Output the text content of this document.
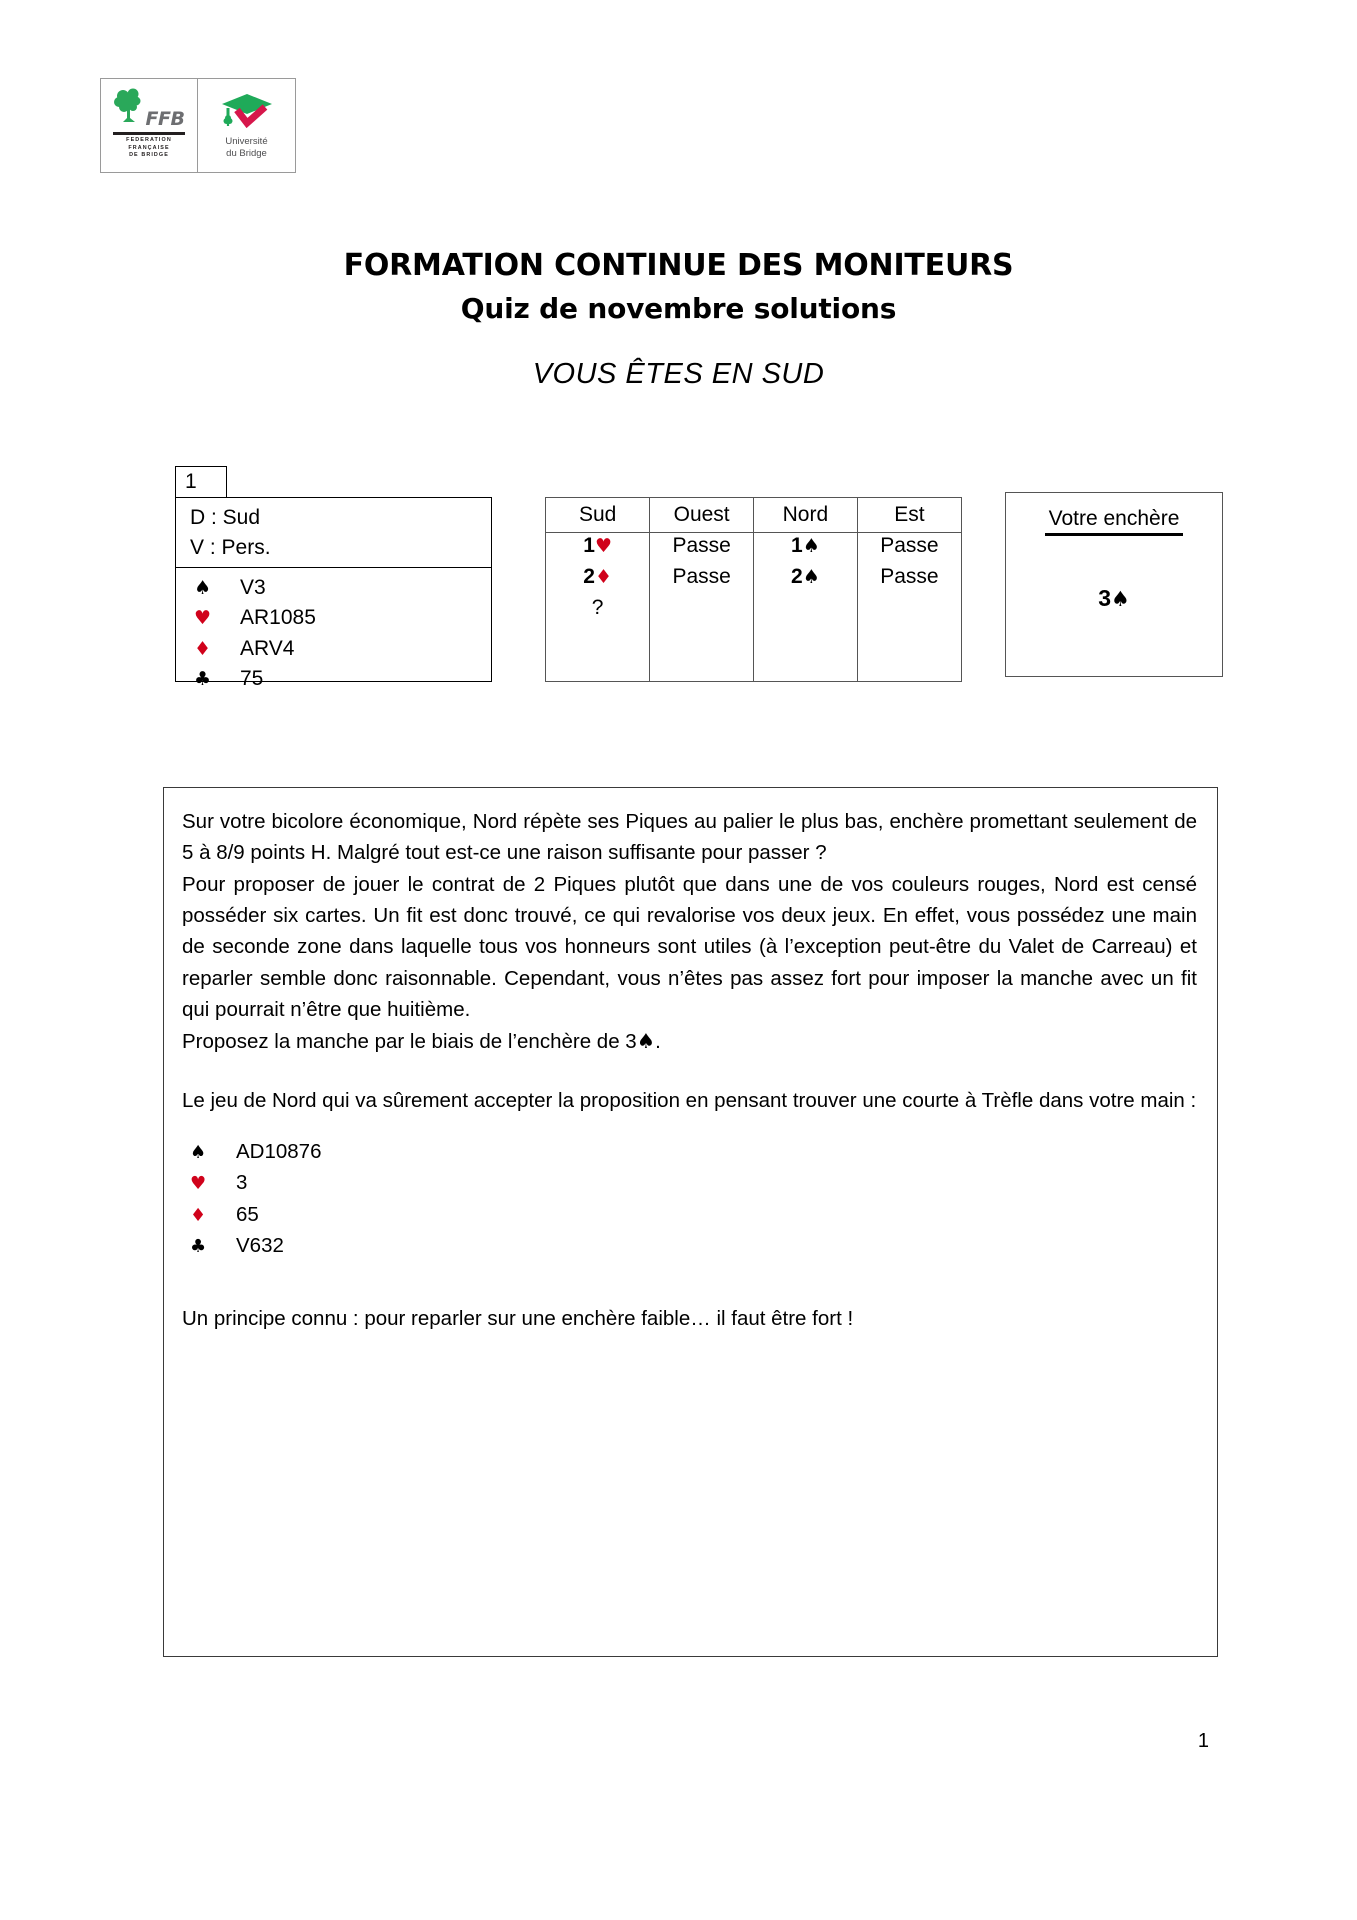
FFB
FEDERATION
FRANÇAISE
DE BRIDGE
Université
du Bridge
FORMATION CONTINUE DES MONITEURS
Quiz de novembre solutions
VOUS ÊTES EN SUD
1
D : Sud
V : Pers.
♠	V3
♥	AR1085
♦	ARV4
♣	75
Sud	Ouest	Nord	Est
1♥	Passe	1♠	Passe
2♦	Passe	2♠	Passe
?			

Votre enchère
3♠

Sur votre bicolore économique, Nord répète ses Piques au palier le plus bas, enchère promettant seulement de 5 à 8/9 points H. Malgré tout est-ce une raison suffisante pour passer ?

Pour proposer de jouer le contrat de 2 Piques plutôt que dans une de vos couleurs rouges, Nord est censé posséder six cartes. Un fit est donc trouvé, ce qui revalorise vos deux jeux. En effet, vous possédez une main de seconde zone dans laquelle tous vos honneurs sont utiles (à l’exception peut-être du Valet de Carreau) et reparler semble donc raisonnable. Cependant, vous n’êtes pas assez fort pour imposer la manche avec un fit qui pourrait n’être que huitième.

Proposez la manche par le biais de l’enchère de 3♠.

Le jeu de Nord qui va sûrement accepter la proposition en pensant trouver une courte à Trèfle dans votre main :

♠	AD10876
♥	3
♦	65
♣	V632

Un principe connu : pour reparler sur une enchère faible… il faut être fort !

1
